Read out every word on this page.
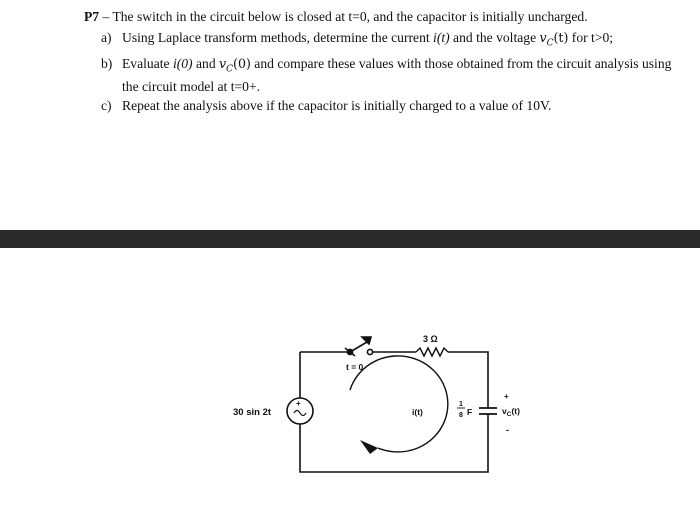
P7 – The switch in the circuit below is closed at t=0, and the capacitor is initially uncharged.

a) Using Laplace transform methods, determine the current i(t) and the voltage $v_C(t)$ for t>0;
b) Evaluate i(0) and $v_C(0)$ and compare these values with those obtained from the circuit analysis using the circuit model at t=0+.
c) Repeat the analysis above if the capacitor is initially charged to a value of 10V.
t = 0
3 Ω
+
30 sin 2t	i(t)
1
8 F
+
$v_C(t)$
-
